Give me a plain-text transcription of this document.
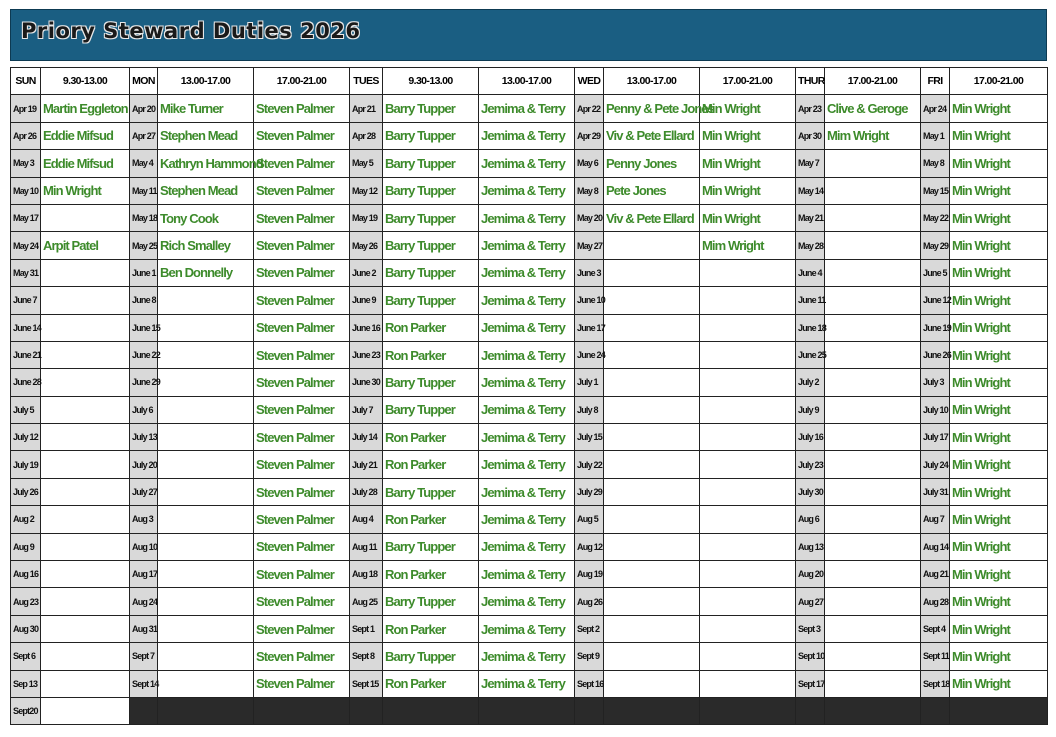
Priory Steward Duties 2026
SUN	9.30-13.00	MON	13.00-17.00	17.00-21.00	TUES	9.30-13.00	13.00-17.00	WED	13.00-17.00	17.00-21.00	THUR	17.00-21.00	FRI	17.00-21.00
Apr 19	Martin Eggleton	Apr 20	Mike Turner	Steven Palmer	Apr 21	Barry Tupper	Jemima & Terry	Apr 22	Penny & Pete Jones	Min Wright	Apr 23	Clive & Geroge	Apr 24	Min Wright
Apr 26	Eddie Mifsud	Apr 27	Stephen Mead	Steven Palmer	Apr 28	Barry Tupper	Jemima & Terry	Apr 29	Viv & Pete Ellard	Min Wright	Apr 30	Mim Wright	May 1	Min Wright
May 3	Eddie Mifsud	May 4	Kathryn Hammond	Steven Palmer	May 5	Barry Tupper	Jemima & Terry	May 6	Penny Jones	Min Wright	May 7		May 8	Min Wright
May 10	Min Wright	May 11	Stephen Mead	Steven Palmer	May 12	Barry Tupper	Jemima & Terry	May 8	Pete Jones	Min Wright	May 14		May 15	Min Wright
May 17		May 18	Tony Cook	Steven Palmer	May 19	Barry Tupper	Jemima & Terry	May 20	Viv & Pete Ellard	Min Wright	May 21		May 22	Min Wright
May 24	Arpit Patel	May 25	Rich Smalley	Steven Palmer	May 26	Barry Tupper	Jemima & Terry	May 27		Mim Wright	May 28		May 29	Min Wright
May 31		June 1	Ben Donnelly	Steven Palmer	June 2	Barry Tupper	Jemima & Terry	June 3			June 4		June 5	Min Wright
June 7		June 8		Steven Palmer	June 9	Barry Tupper	Jemima & Terry	June 10			June 11		June 12	Min Wright
June 14		June 15		Steven Palmer	June 16	Ron Parker	Jemima & Terry	June 17			June 18		June 19	Min Wright
June 21		June 22		Steven Palmer	June 23	Ron Parker	Jemima & Terry	June 24			June 25		June 26	Min Wright
June 28		June 29		Steven Palmer	June 30	Barry Tupper	Jemima & Terry	July 1			July 2		July 3	Min Wright
July 5		July 6		Steven Palmer	July 7	Barry Tupper	Jemima & Terry	July 8			July 9		July 10	Min Wright
July 12		July 13		Steven Palmer	July 14	Ron Parker	Jemima & Terry	July 15			July 16		July 17	Min Wright
July 19		July 20		Steven Palmer	July 21	Ron Parker	Jemima & Terry	July 22			July 23		July 24	Min Wright
July 26		July 27		Steven Palmer	July 28	Barry Tupper	Jemima & Terry	July 29			July 30		July 31	Min Wright
Aug 2		Aug 3		Steven Palmer	Aug 4	Ron Parker	Jemima & Terry	Aug 5			Aug 6		Aug 7	Min Wright
Aug 9		Aug 10		Steven Palmer	Aug 11	Barry Tupper	Jemima & Terry	Aug 12			Aug 13		Aug 14	Min Wright
Aug 16		Aug 17		Steven Palmer	Aug 18	Ron Parker	Jemima & Terry	Aug 19			Aug 20		Aug 21	Min Wright
Aug 23		Aug 24		Steven Palmer	Aug 25	Barry Tupper	Jemima & Terry	Aug 26			Aug 27		Aug 28	Min Wright
Aug 30		Aug 31		Steven Palmer	Sept 1	Ron Parker	Jemima & Terry	Sept 2			Sept 3		Sept 4	Min Wright
Sept 6		Sept 7		Steven Palmer	Sept 8	Barry Tupper	Jemima & Terry	Sept 9			Sept 10		Sept 11	Min Wright
Sep 13		Sept 14		Steven Palmer	Sept 15	Ron Parker	Jemima & Terry	Sept 16			Sept 17		Sept 18	Min Wright
Sept20														
